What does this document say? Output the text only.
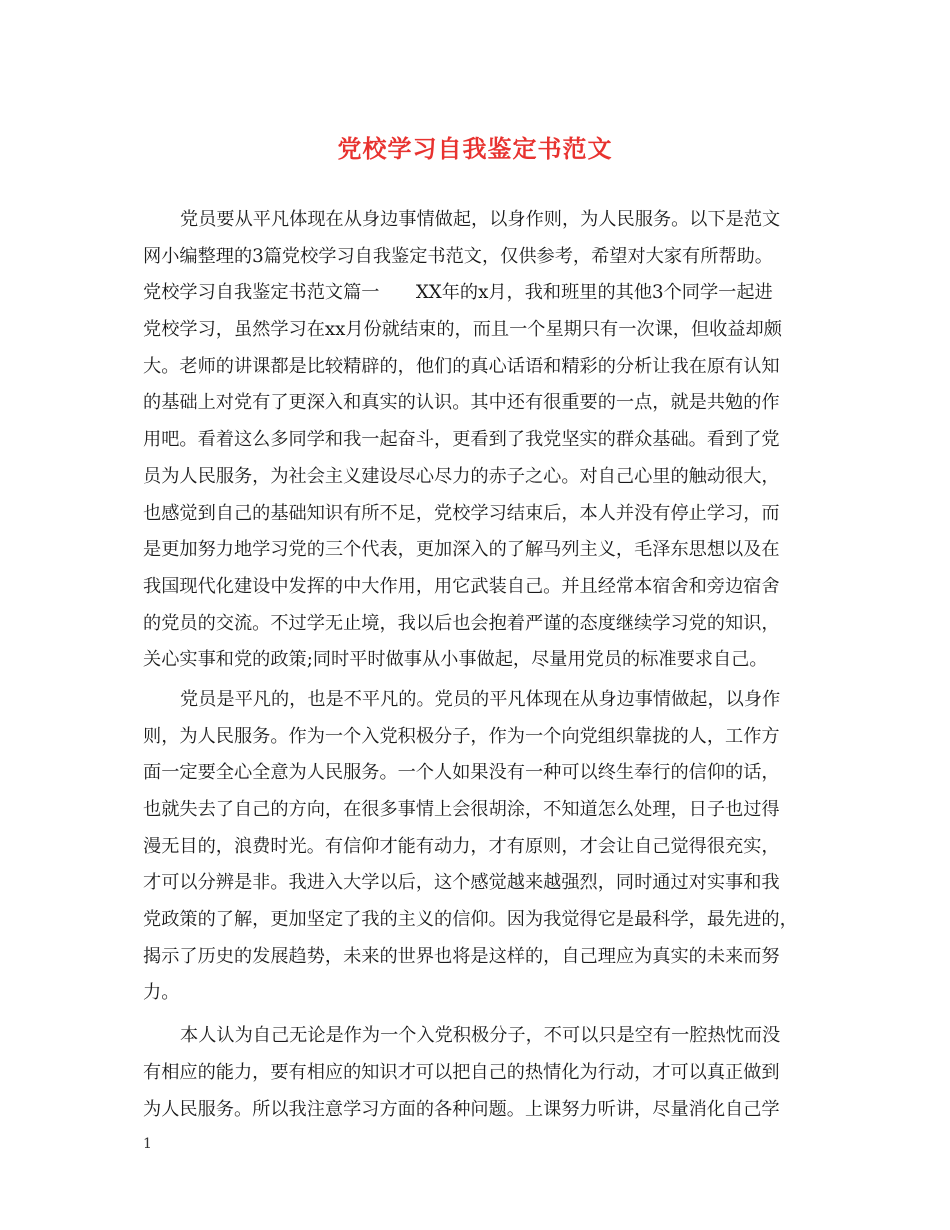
党校学习自我鉴定书范文
党员要从平凡体现在从身边事情做起，以身作则，为人民服务。以下是范文
网小编整理的3篇党校学习自我鉴定书范文，仅供参考，希望对大家有所帮助。
党校学习自我鉴定书范文篇一　　XX年的x月，我和班里的其他3个同学一起进
党校学习，虽然学习在xx月份就结束的，而且一个星期只有一次课，但收益却颇
大。老师的讲课都是比较精辟的，他们的真心话语和精彩的分析让我在原有认知
的基础上对党有了更深入和真实的认识。其中还有很重要的一点，就是共勉的作
用吧。看着这么多同学和我一起奋斗，更看到了我党坚实的群众基础。看到了党
员为人民服务，为社会主义建设尽心尽力的赤子之心。对自己心里的触动很大，
也感觉到自己的基础知识有所不足，党校学习结束后，本人并没有停止学习，而
是更加努力地学习党的三个代表，更加深入的了解马列主义，毛泽东思想以及在
我国现代化建设中发挥的中大作用，用它武装自己。并且经常本宿舍和旁边宿舍
的党员的交流。不过学无止境，我以后也会抱着严谨的态度继续学习党的知识，
关心实事和党的政策;同时平时做事从小事做起，尽量用党员的标准要求自己。
党员是平凡的，也是不平凡的。党员的平凡体现在从身边事情做起，以身作
则，为人民服务。作为一个入党积极分子，作为一个向党组织靠拢的人，工作方
面一定要全心全意为人民服务。一个人如果没有一种可以终生奉行的信仰的话，
也就失去了自己的方向，在很多事情上会很胡涂，不知道怎么处理，日子也过得
漫无目的，浪费时光。有信仰才能有动力，才有原则，才会让自己觉得很充实，
才可以分辨是非。我进入大学以后，这个感觉越来越强烈，同时通过对实事和我
党政策的了解，更加坚定了我的主义的信仰。因为我觉得它是最科学，最先进的，
揭示了历史的发展趋势，未来的世界也将是这样的，自己理应为真实的未来而努
力。
本人认为自己无论是作为一个入党积极分子，不可以只是空有一腔热忱而没
有相应的能力，要有相应的知识才可以把自己的热情化为行动，才可以真正做到
为人民服务。所以我注意学习方面的各种问题。上课努力听讲，尽量消化自己学
1
